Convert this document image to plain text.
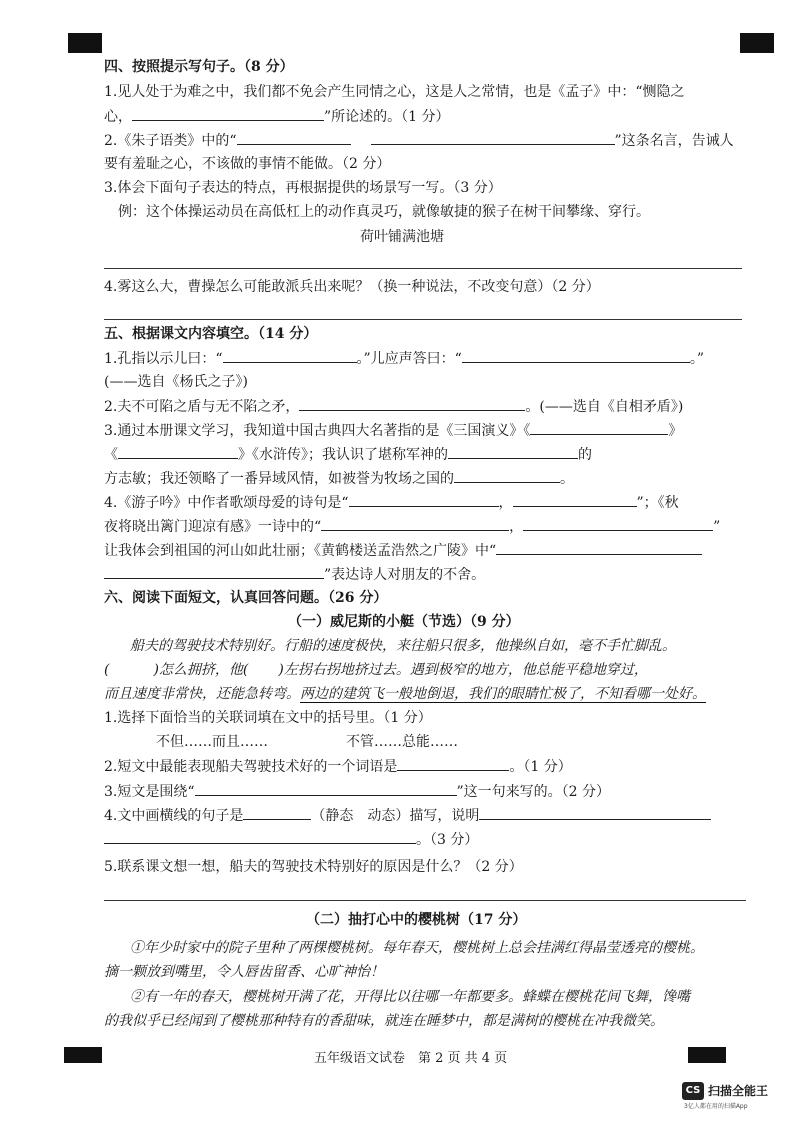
四、按照提示写句子。（8 分）
1.见人处于为难之中，我们都不免会产生同情之心，这是人之常情，也是《孟子》中：“恻隐之
心，	”所论述的。（1 分）
2.《朱子语类》中的“	”这条名言，告诫人
要有羞耻之心，不该做的事情不能做。（2 分）
3.体会下面句子表达的特点，再根据提供的场景写一写。（3 分）
例：这个体操运动员在高低杠上的动作真灵巧，就像敏捷的猴子在树干间攀缘、穿行。
荷叶铺满池塘
4.雾这么大，曹操怎么可能敢派兵出来呢？（换一种说法，不改变句意）（2 分）
五、根据课文内容填空。（14 分）
1.孔指以示儿曰：“	。”儿应声答曰：“	。”
(——选自《杨氏之子》)
2.夫不可陷之盾与无不陷之矛，	。(——选自《自相矛盾》)
3.通过本册课文学习，我知道中国古典四大名著指的是《三国演义》《	》
《	》《水浒传》；我认识了堪称军神的	的
方志敏；我还领略了一番异域风情，如被誉为牧场之国的	。
4.《游子吟》中作者歌颂母爱的诗句是“	，	”；《秋
夜将晓出篱门迎凉有感》一诗中的“	，	”
让我体会到祖国的河山如此壮丽；《黄鹤楼送孟浩然之广陵》中“
”表达诗人对朋友的不舍。
六、阅读下面短文，认真回答问题。（26 分）
（一）威尼斯的小艇（节选）（9 分）
船夫的驾驶技术特别好。行船的速度极快，来往船只很多，他操纵自如，毫不手忙脚乱。
(	)怎么拥挤，他( )左拐右拐地挤过去。遇到极窄的地方，他总能平稳地穿过，
而且速度非常快，还能急转弯。两边的建筑飞一般地倒退，我们的眼睛忙极了，不知看哪一处好。
1.选择下面恰当的关联词填在文中的括号里。（1 分）
不但……而且……	不管……总能……
2.短文中最能表现船夫驾驶技术好的一个词语是	。（1 分）
3.短文是围绕“	”这一句来写的。（2 分）
4.文中画横线的句子是	（静态　动态）描写，说明
。（3 分）
5.联系课文想一想，船夫的驾驶技术特别好的原因是什么？（2 分）
（二）抽打心中的樱桃树（17 分）
①年少时家中的院子里种了两棵樱桃树。每年春天，樱桃树上总会挂满红得晶莹透亮的樱桃。
摘一颗放到嘴里，令人唇齿留香、心旷神怡！
②有一年的春天，樱桃树开满了花，开得比以往哪一年都要多。蜂蝶在樱桃花间飞舞，馋嘴
的我似乎已经闻到了樱桃那种特有的香甜味，就连在睡梦中，都是满树的樱桃在冲我微笑。
五年级语文试卷　第 2 页 共 4 页
CS 扫描全能王
3亿人都在用的扫描App
